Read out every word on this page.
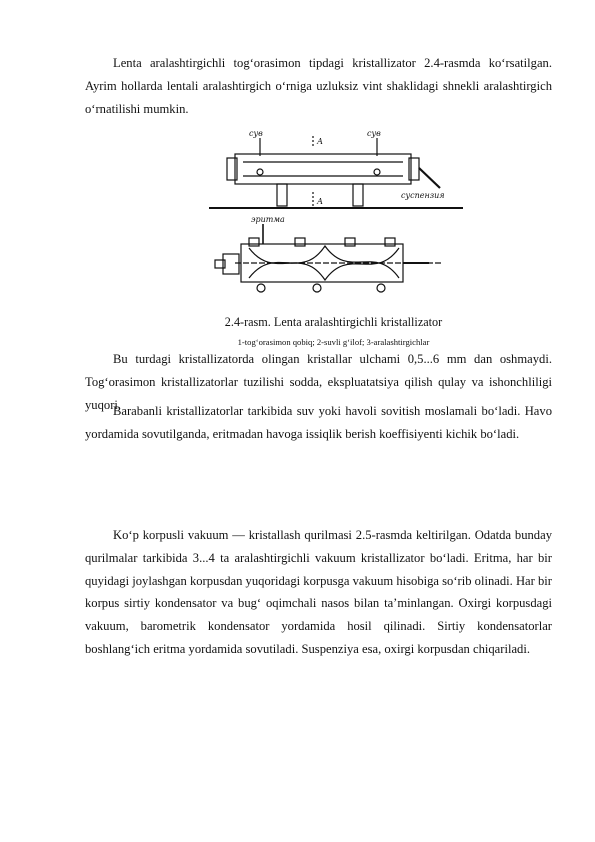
Lenta aralashtirgichli tog‘orasimon tipdagi kristallizator 2.4-rasmda ko‘rsatilgan. Ayrim hollarda lentali aralashtirgich o‘rniga uzluksiz vint shaklidagi shnekli aralashtirgich o‘rnatilishi mumkin.

сув	сув
А
А
суспензия
эритма

2.4-rasm. Lenta aralashtirgichli kristallizator

1-tog‘orasimon qobiq; 2-suvli g‘ilof; 3-aralashtirgichlar

Bu turdagi kristallizatorda olingan kristallar ulchami 0,5...6 mm dan oshmaydi. Tog‘orasimon kristallizatorlar tuzilishi sodda, ekspluatatsiya qilish qulay va ishonchliligi yuqori.

Barabanli kristallizatorlar tarkibida suv yoki havoli sovitish moslamali bo‘ladi. Havo yordamida sovutilganda, eritmadan havoga issiqlik berish koeffisiyenti kichik bo‘ladi.

Ko‘p korpusli vakuum — kristallash qurilmasi 2.5-rasmda keltirilgan. Odatda bunday qurilmalar tarkibida 3...4 ta aralashtirgichli vakuum kristallizator bo‘ladi. Eritma, har bir quyidagi joylashgan korpusdan yuqoridagi korpusga vakuum hisobiga so‘rib olinadi. Har bir korpus sirtiy kondensator va bug‘ oqimchali nasos bilan ta’minlangan. Oxirgi korpusdagi vakuum, barometrik kondensator yordamida hosil qilinadi. Sirtiy kondensatorlar boshlang‘ich eritma yordamida sovutiladi. Suspenziya esa, oxirgi korpusdan chiqariladi.
